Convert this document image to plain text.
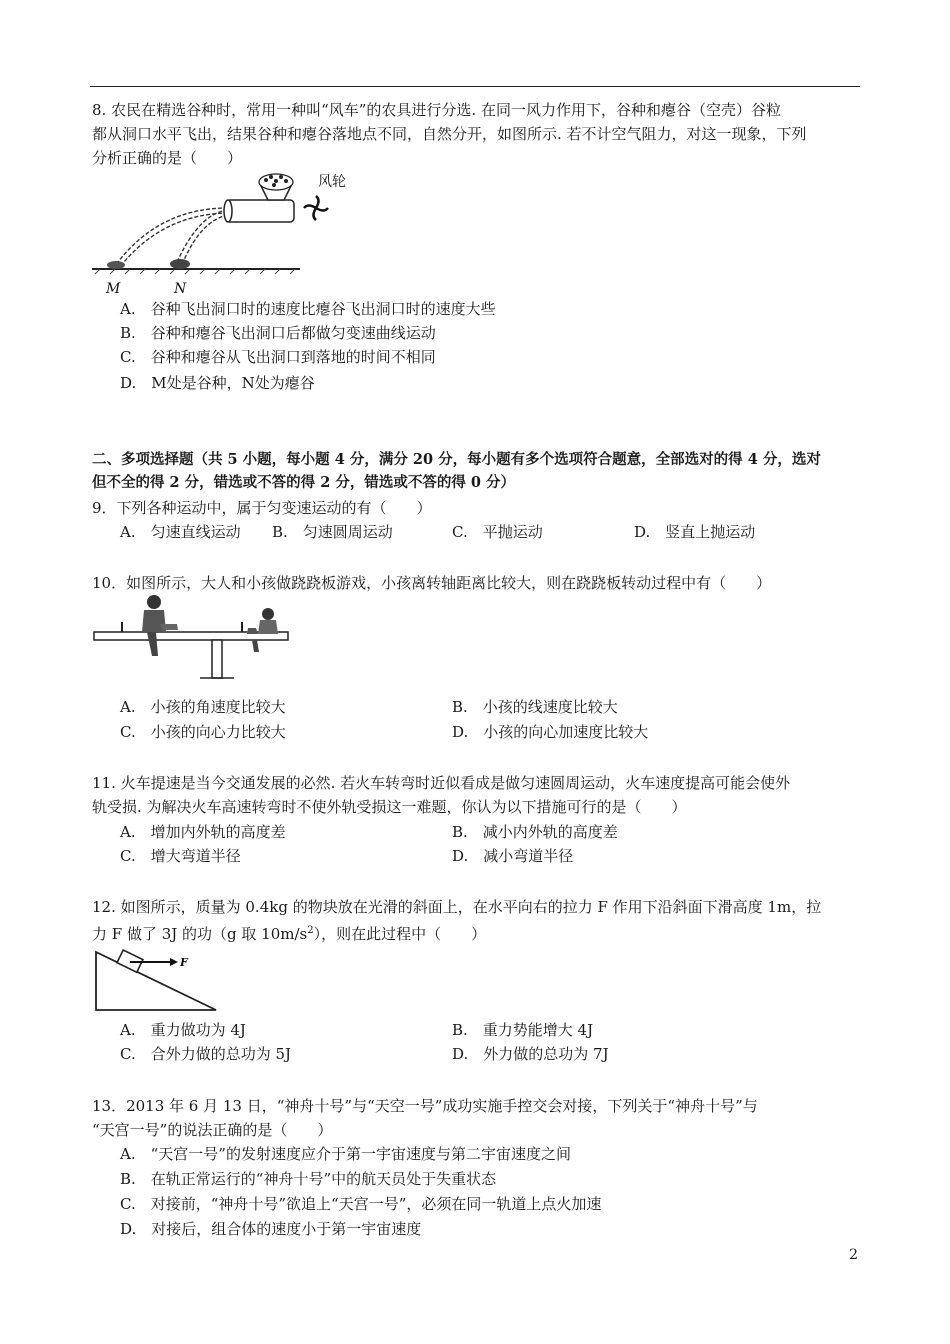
8. 农民在精选谷种时，常用一种叫“风车”的农具进行分选. 在同一风力作用下，谷种和瘪谷（空壳）谷粒
都从洞口水平飞出，结果谷种和瘪谷落地点不同，自然分开，如图所示. 若不计空气阻力，对这一现象，下列
分析正确的是（　　）
风轮
M	N
A.　谷种飞出洞口时的速度比瘪谷飞出洞口时的速度大些
B.　谷种和瘪谷飞出洞口后都做匀变速曲线运动
C.　谷种和瘪谷从飞出洞口到落地的时间不相同
D.　M处是谷种，N处为瘪谷
二、多项选择题（共 5 小题，每小题 4 分，满分 20 分，每小题有多个选项符合题意，全部选对的得 4 分，选对
但不全的得 2 分，错选或不答的得 2 分，错选或不答的得 0 分）
9．下列各种运动中，属于匀变速运动的有（　　）
A.　匀速直线运动 B.　匀速圆周运动	C.　平抛运动	D.　竖直上抛运动
10．如图所示，大人和小孩做跷跷板游戏，小孩离转轴距离比较大，则在跷跷板转动过程中有（　　）
A.　小孩的角速度比较大	B.　小孩的线速度比较大
C.　小孩的向心力比较大	D.　小孩的向心加速度比较大
11. 火车提速是当今交通发展的必然. 若火车转弯时近似看成是做匀速圆周运动，火车速度提高可能会使外
轨受损. 为解决火车高速转弯时不使外轨受损这一难题，你认为以下措施可行的是（　　）
A.　增加内外轨的高度差	B.　减小内外轨的高度差
C.　增大弯道半径	D.　减小弯道半径
12. 如图所示，质量为 0.4kg 的物块放在光滑的斜面上，在水平向右的拉力 F 作用下沿斜面下滑高度 1m，拉
力 F 做了 3J 的功（g 取 $10m/s^2$），则在此过程中（　　）
F
A.　重力做功为 4J	B.　重力势能增大 4J
C.　合外力做的总功为 5J	D.　外力做的总功为 7J
13．2013 年 6 月 13 日，“神舟十号”与“天空一号”成功实施手控交会对接，下列关于“神舟十号”与
“天宫一号”的说法正确的是（　　）
A.　“天宫一号”的发射速度应介于第一宇宙速度与第二宇宙速度之间
B.　在轨正常运行的“神舟十号”中的航天员处于失重状态
C.　对接前，“神舟十号”欲追上“天宫一号”，必须在同一轨道上点火加速
D.　对接后，组合体的速度小于第一宇宙速度
2
